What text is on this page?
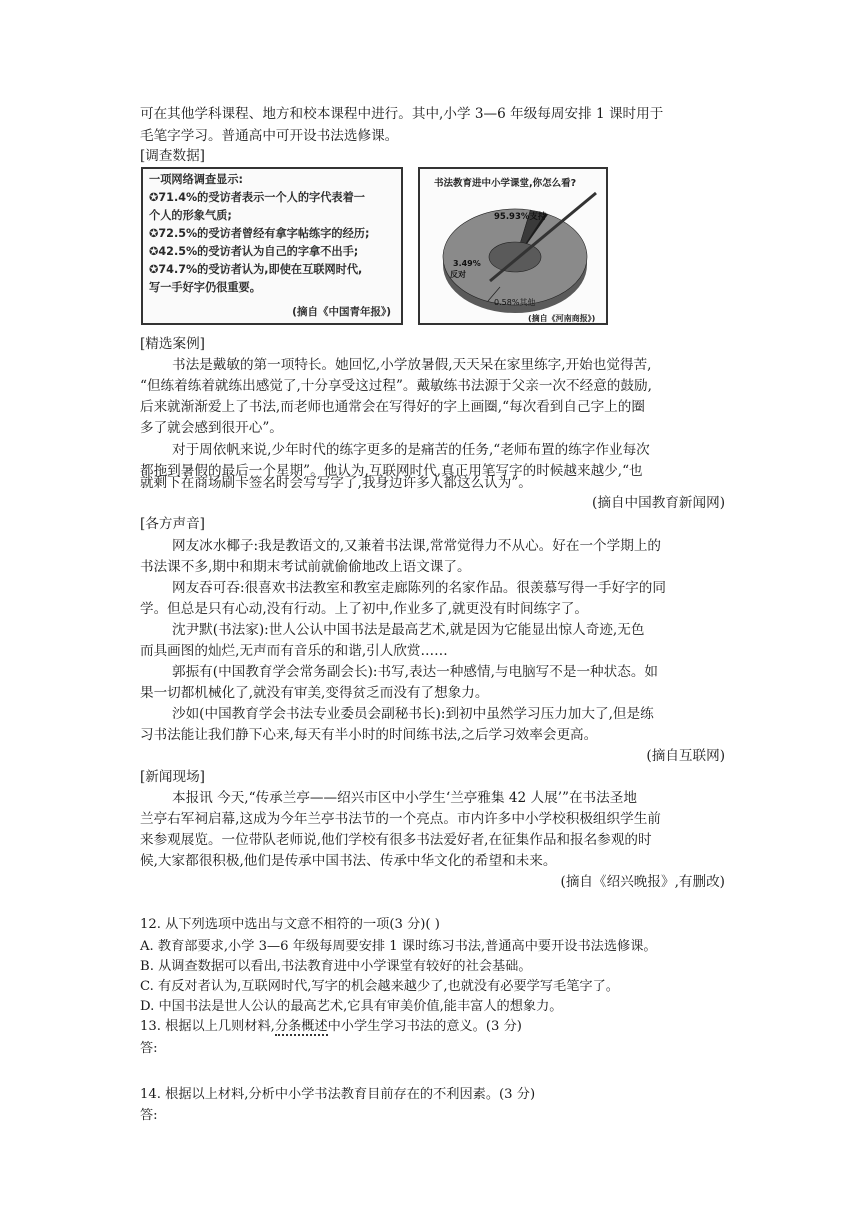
可在其他学科课程、地方和校本课程中进行。其中,小学 3—6 年级每周安排 1 课时用于
毛笔字学习。普通高中可开设书法选修课。
[调查数据]
一项网络调查显示:
✪71.4%的受访者表示一个人的字代表着一
个人的形象气质;
✪72.5%的受访者曾经有拿字帖练字的经历;
✪42.5%的受访者认为自己的字拿不出手;
✪74.7%的受访者认为,即使在互联网时代,
写一手好字仍很重要。
(摘自《中国青年报》)
书法教育进中小学课堂,你怎么看?
95.93%支持
3.49%
反对
0.58%其他
(摘自《河南商报》)
[精选案例]
书法是戴敏的第一项特长。她回忆,小学放暑假,天天呆在家里练字,开始也觉得苦,
“但练着练着就练出感觉了,十分享受这过程”。戴敏练书法源于父亲一次不经意的鼓励,
后来就渐渐爱上了书法,而老师也通常会在写得好的字上画圈,“每次看到自己字上的圈
多了就会感到很开心”。
对于周依帆来说,少年时代的练字更多的是痛苦的任务,“老师布置的练字作业每次
都拖到暑假的最后一个星期”。他认为,互联网时代,真正用笔写字的时候越来越少,“也
就剩下在商场刷卡签名时会写写字了,我身边许多人都这么认为”。
(摘自中国教育新闻网)
[各方声音]
网友冰水椰子:我是教语文的,又兼着书法课,常常觉得力不从心。好在一个学期上的
书法课不多,期中和期末考试前就偷偷地改上语文课了。
网友吞可吞:很喜欢书法教室和教室走廊陈列的名家作品。很羡慕写得一手好字的同
学。但总是只有心动,没有行动。上了初中,作业多了,就更没有时间练字了。
沈尹默(书法家):世人公认中国书法是最高艺术,就是因为它能显出惊人奇迹,无色
而具画图的灿烂,无声而有音乐的和谐,引人欣赏……
郭振有(中国教育学会常务副会长):书写,表达一种感情,与电脑写不是一种状态。如
果一切都机械化了,就没有审美,变得贫乏而没有了想象力。
沙如(中国教育学会书法专业委员会副秘书长):到初中虽然学习压力加大了,但是练
习书法能让我们静下心来,每天有半小时的时间练书法,之后学习效率会更高。
(摘自互联网)
[新闻现场]
本报讯 今天,“传承兰亭——绍兴市区中小学生‘兰亭雅集 42 人展’”在书法圣地
兰亭右军祠启幕,这成为今年兰亭书法节的一个亮点。市内许多中小学校积极组织学生前
来参观展览。一位带队老师说,他们学校有很多书法爱好者,在征集作品和报名参观的时
候,大家都很积极,他们是传承中国书法、传承中华文化的希望和未来。
(摘自《绍兴晚报》,有删改)
12. 从下列选项中选出与文意不相符的一项(3 分)( )
A. 教育部要求,小学 3—6 年级每周要安排 1 课时练习书法,普通高中要开设书法选修课。
B. 从调查数据可以看出,书法教育进中小学课堂有较好的社会基础。
C. 有反对者认为,互联网时代,写字的机会越来越少了,也就没有必要学写毛笔字了。
D. 中国书法是世人公认的最高艺术,它具有审美价值,能丰富人的想象力。
13. 根据以上几则材料,分条概述中小学生学习书法的意义。(3 分)
答:
14. 根据以上材料,分析中小学书法教育目前存在的不利因素。(3 分)
答:
